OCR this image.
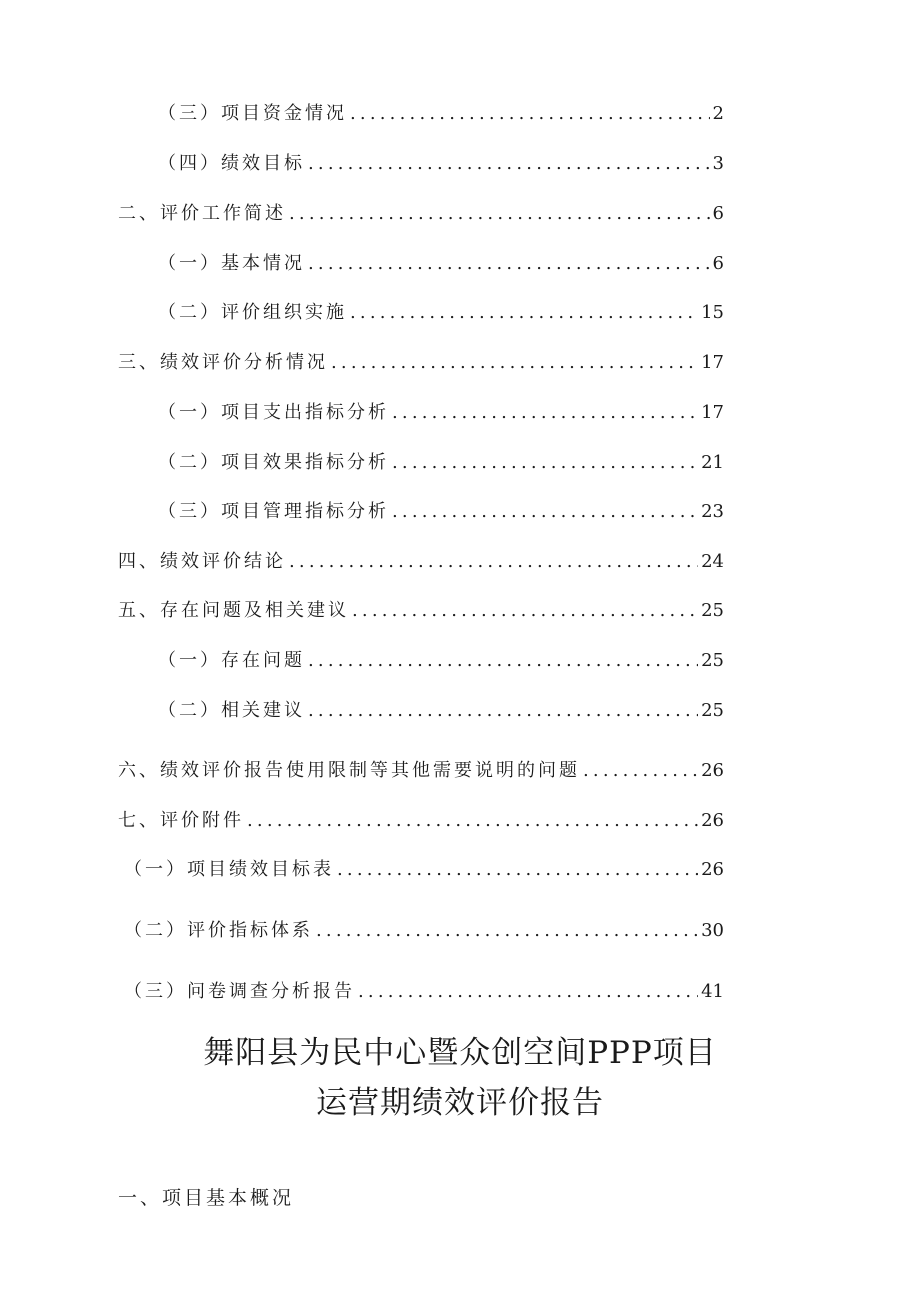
（三）项目资金情况 .....	2
（四）绩效目标 .....	3
二、评价工作简述 .....	6
（一）基本情况 .....	6
（二）评价组织实施 .....	15
三、绩效评价分析情况 .....	17
（一）项目支出指标分析 .....	17
（二）项目效果指标分析 .....	21
（三）项目管理指标分析 .....	23
四、绩效评价结论 .....	24
五、存在问题及相关建议 .....	25
（一）存在问题 .....	25
（二）相关建议 .....	25
六、绩效评价报告使用限制等其他需要说明的问题 .....	26
七、评价附件 .....	26
（一）项目绩效目标表 .....	26
（二）评价指标体系 .....	30
（三）问卷调查分析报告 .....	41
舞阳县为民中心暨众创空间PPP项目
运营期绩效评价报告
一、项目基本概况
